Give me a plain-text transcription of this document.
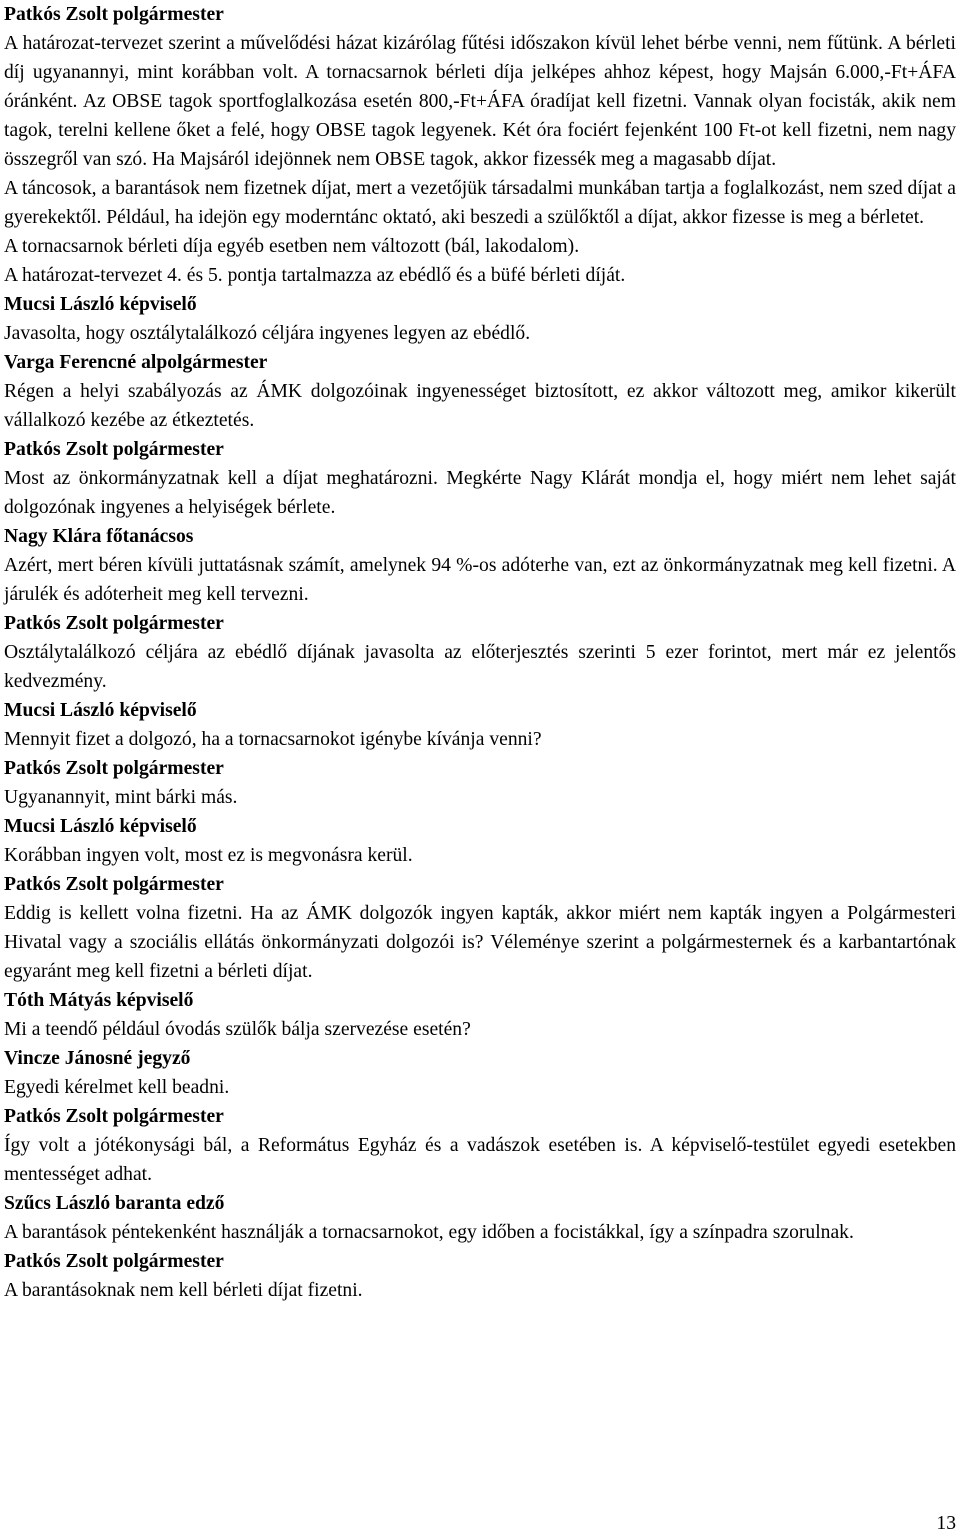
Patkós Zsolt polgármester

A határozat-tervezet szerint a művelődési házat kizárólag fűtési időszakon kívül lehet bérbe venni, nem fűtünk. A bérleti díj ugyanannyi, mint korábban volt. A tornacsarnok bérleti díja jelképes ahhoz képest, hogy Majsán 6.000,-Ft+ÁFA óránként. Az OBSE tagok sportfoglalkozása esetén 800,-Ft+ÁFA óradíjat kell fizetni. Vannak olyan focisták, akik nem tagok, terelni kellene őket a felé, hogy OBSE tagok legyenek. Két óra fociért fejenként 100 Ft-ot kell fizetni, nem nagy összegről van szó. Ha Majsáról idejönnek nem OBSE tagok, akkor fizessék meg a magasabb díjat.

A táncosok, a barantások nem fizetnek díjat, mert a vezetőjük társadalmi munkában tartja a foglalkozást, nem szed díjat a gyerekektől. Például, ha idejön egy moderntánc oktató, aki beszedi a szülőktől a díjat, akkor fizesse is meg a bérletet.

A tornacsarnok bérleti díja egyéb esetben nem változott (bál, lakodalom).

A határozat-tervezet 4. és 5. pontja tartalmazza az ebédlő és a büfé bérleti díját.

Mucsi László képviselő

Javasolta, hogy osztálytalálkozó céljára ingyenes legyen az ebédlő.

Varga Ferencné alpolgármester

Régen a helyi szabályozás az ÁMK dolgozóinak ingyenességet biztosított, ez akkor változott meg, amikor kikerült vállalkozó kezébe az étkeztetés.

Patkós Zsolt polgármester

Most az önkormányzatnak kell a díjat meghatározni. Megkérte Nagy Klárát mondja el, hogy miért nem lehet saját dolgozónak ingyenes a helyiségek bérlete.

Nagy Klára főtanácsos

Azért, mert béren kívüli juttatásnak számít, amelynek 94 %-os adóterhe van, ezt az önkormányzatnak meg kell fizetni. A járulék és adóterheit meg kell tervezni.

Patkós Zsolt polgármester

Osztálytalálkozó céljára az ebédlő díjának javasolta az előterjesztés szerinti 5 ezer forintot, mert már ez jelentős kedvezmény.

Mucsi László képviselő

Mennyit fizet a dolgozó, ha a tornacsarnokot igénybe kívánja venni?

Patkós Zsolt polgármester

Ugyanannyit, mint bárki más.

Mucsi László képviselő

Korábban ingyen volt, most ez is megvonásra kerül.

Patkós Zsolt polgármester

Eddig is kellett volna fizetni. Ha az ÁMK dolgozók ingyen kapták, akkor miért nem kapták ingyen a Polgármesteri Hivatal vagy a szociális ellátás önkormányzati dolgozói is? Véleménye szerint a polgármesternek és a karbantartónak egyaránt meg kell fizetni a bérleti díjat.

Tóth Mátyás képviselő

Mi a teendő például óvodás szülők bálja szervezése esetén?

Vincze Jánosné jegyző

Egyedi kérelmet kell beadni.

Patkós Zsolt polgármester

Így volt a jótékonysági bál, a Református Egyház és a vadászok esetében is. A képviselő-testület egyedi esetekben mentességet adhat.

Szűcs László baranta edző

A barantások péntekenként használják a tornacsarnokot, egy időben a focistákkal, így a színpadra szorulnak.

Patkós Zsolt polgármester

A barantásoknak nem kell bérleti díjat fizetni.

13
